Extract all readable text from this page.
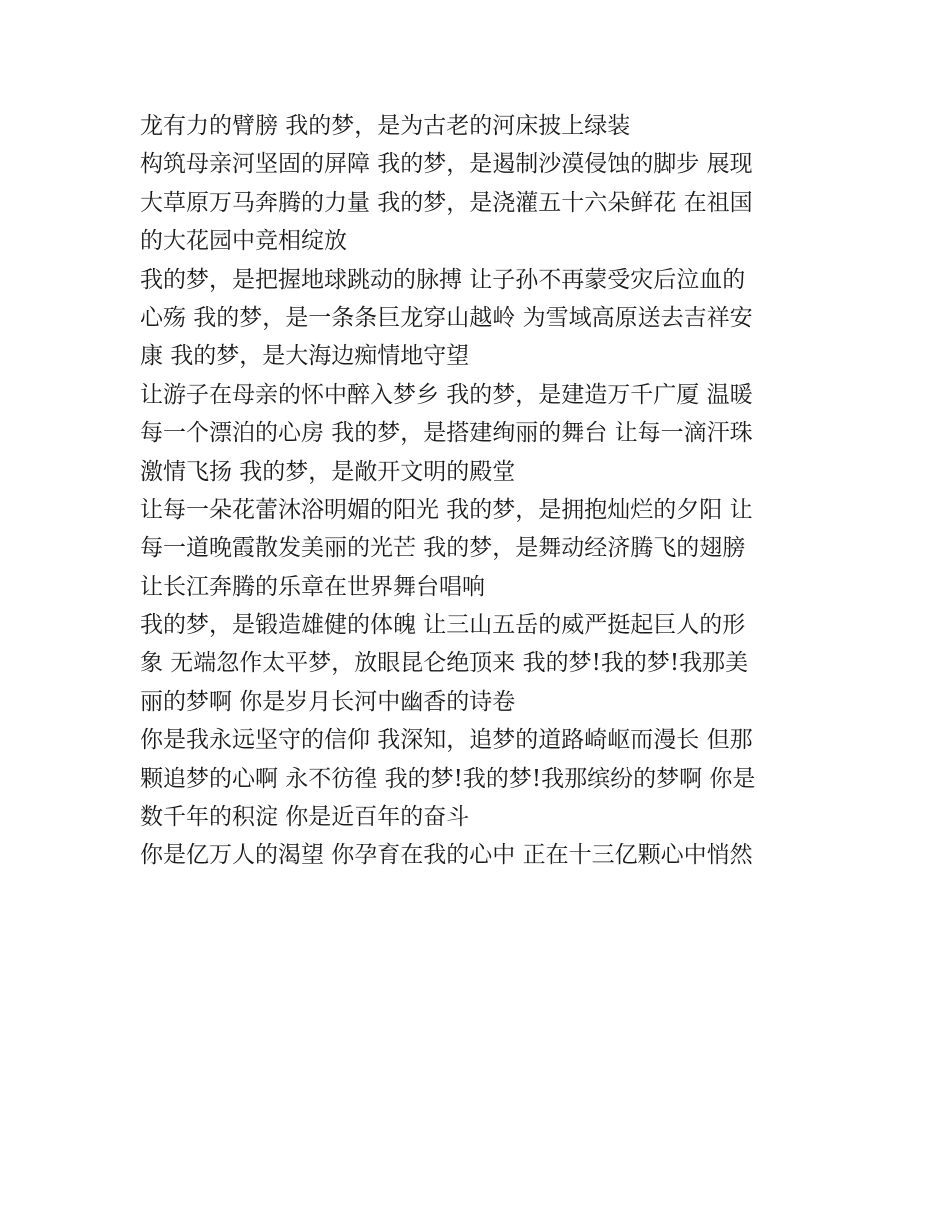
龙有力的臂膀 我的梦，是为古老的河床披上绿装
构筑母亲河坚固的屏障 我的梦，是遏制沙漠侵蚀的脚步 展现
大草原万马奔腾的力量 我的梦，是浇灌五十六朵鲜花 在祖国
的大花园中竞相绽放
我的梦，是把握地球跳动的脉搏 让子孙不再蒙受灾后泣血的
心殇 我的梦，是一条条巨龙穿山越岭 为雪域高原送去吉祥安
康 我的梦，是大海边痴情地守望
让游子在母亲的怀中醉入梦乡 我的梦，是建造万千广厦 温暖
每一个漂泊的心房 我的梦，是搭建绚丽的舞台 让每一滴汗珠
激情飞扬 我的梦，是敞开文明的殿堂
让每一朵花蕾沐浴明媚的阳光 我的梦，是拥抱灿烂的夕阳 让
每一道晚霞散发美丽的光芒 我的梦，是舞动经济腾飞的翅膀
让长江奔腾的乐章在世界舞台唱响
我的梦，是锻造雄健的体魄 让三山五岳的威严挺起巨人的形
象 无端忽作太平梦，放眼昆仑绝顶来 我的梦!我的梦!我那美
丽的梦啊 你是岁月长河中幽香的诗卷
你是我永远坚守的信仰 我深知，追梦的道路崎岖而漫长 但那
颗追梦的心啊 永不彷徨 我的梦!我的梦!我那缤纷的梦啊 你是
数千年的积淀 你是近百年的奋斗
你是亿万人的渴望 你孕育在我的心中 正在十三亿颗心中悄然
